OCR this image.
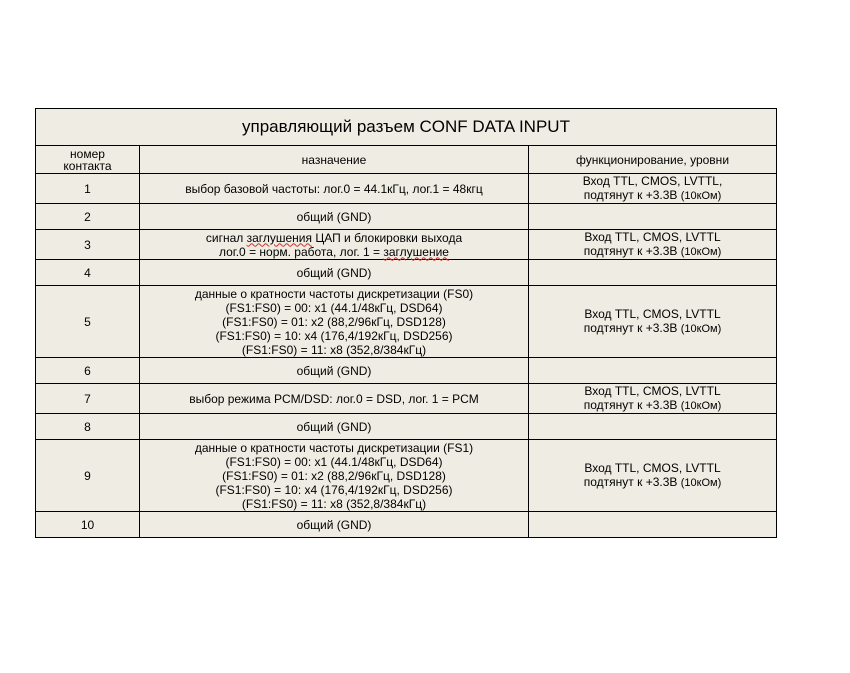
управляющий разъем CONF DATA INPUT		

номер
контакта	назначение	функционирование, уровни
1	выбор базовой частоты: лог.0 = 44.1кГц, лог.1 = 48кгц	Вход TTL, CMOS, LVTTL,
подтянут к +3.3В (10кОм)

2	общий (GND)	
3	сигнал заглушения ЦАП и блокировки выхода
лог.0 = норм. работа, лог. 1 = заглушение	Вход TTL, CMOS, LVTTL
подтянут к +3.3В (10кОм)

4	общий (GND)	
5	данные о кратности частоты дискретизации (FS0)
(FS1:FS0) = 00: x1 (44.1/48кГц, DSD64)
(FS1:FS0) = 01: x2 (88,2/96кГц, DSD128)
(FS1:FS0) = 10: x4 (176,4/192кГц, DSD256)
(FS1:FS0) = 11: x8 (352,8/384кГц)	Вход TTL, CMOS, LVTTL
подтянут к +3.3В (10кОм)

6	общий (GND)	
7	выбор режима PCM/DSD: лог.0 = DSD, лог. 1 = PCM	Вход TTL, CMOS, LVTTL
подтянут к +3.3В (10кОм)

8	общий (GND)	
9	данные о кратности частоты дискретизации (FS1)
(FS1:FS0) = 00: x1 (44.1/48кГц, DSD64)
(FS1:FS0) = 01: x2 (88,2/96кГц, DSD128)
(FS1:FS0) = 10: x4 (176,4/192кГц, DSD256)
(FS1:FS0) = 11: x8 (352,8/384кГц)	Вход TTL, CMOS, LVTTL
подтянут к +3.3В (10кОм)

10	общий (GND)	
